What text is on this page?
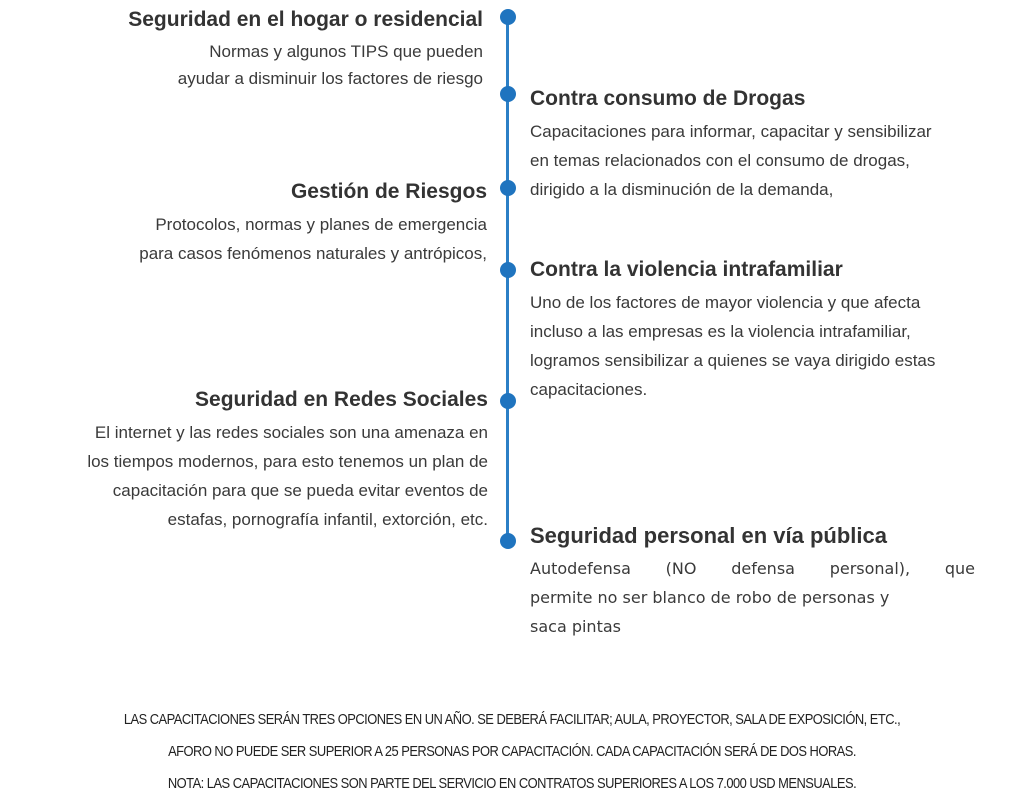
Seguridad en el hogar o residencial
Normas y algunos TIPS que pueden
ayudar a disminuir los factores de riesgo
Contra consumo de Drogas
Capacitaciones para informar, capacitar y sensibilizar
en temas relacionados con el consumo de drogas,
dirigido a la disminución de la demanda,
Gestión de Riesgos
Protocolos, normas y planes de emergencia
para casos fenómenos naturales y antrópicos,
Contra la violencia intrafamiliar
Uno de los factores de mayor violencia y que afecta
incluso a las empresas es la violencia intrafamiliar,
logramos sensibilizar a quienes se vaya dirigido estas
capacitaciones.
Seguridad en Redes Sociales
El internet y las redes sociales son una amenaza en
los tiempos modernos, para esto tenemos un plan de
capacitación para que se pueda evitar eventos de
estafas, pornografía infantil, extorción, etc.
Seguridad personal en vía pública
Autodefensa (NO defensa personal), que
permite no ser blanco de robo de personas y
saca pintas
LAS CAPACITACIONES SERÁN TRES OPCIONES EN UN AÑO. SE DEBERÁ FACILITAR; AULA, PROYECTOR, SALA DE EXPOSICIÓN, ETC.,
AFORO NO PUEDE SER SUPERIOR A 25 PERSONAS POR CAPACITACIÓN. CADA CAPACITACIÓN SERÁ DE DOS HORAS.
NOTA: LAS CAPACITACIONES SON PARTE DEL SERVICIO EN CONTRATOS SUPERIORES A LOS 7.000 USD MENSUALES.
